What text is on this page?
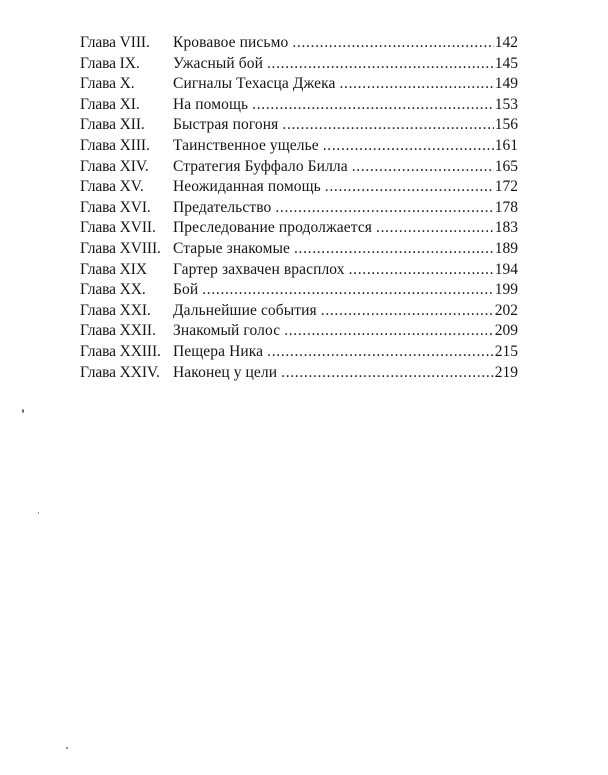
Глава VIII.	Кровавое письмо . . .	142
Глава IX.	Ужасный бой . . .	145
Глава X.	Сигналы Техасца Джека . . .	149
Глава XI.	На помощь . . .	153
Глава XII.	Быстрая погоня . . .	156
Глава XIII.	Таинственное ущелье . . .	161
Глава XIV.	Стратегия Буффало Билла . . .	165
Глава XV.	Неожиданная помощь . . .	172
Глава XVI.	Предательство . . .	178
Глава XVII.	Преследование продолжается . . .	183
Глава XVIII. Старые знакомые . . .	189
Глава XIX	Гартер захвачен врасплох . . .	194
Глава XX.	Бой . . .	199
Глава XXI.	Дальнейшие события . . .	202
Глава XXII.	Знакомый голос . . .	209
Глава XXIII. Пещера Ника . . .	215
Глава XXIV. Наконец у цели . . .	219
